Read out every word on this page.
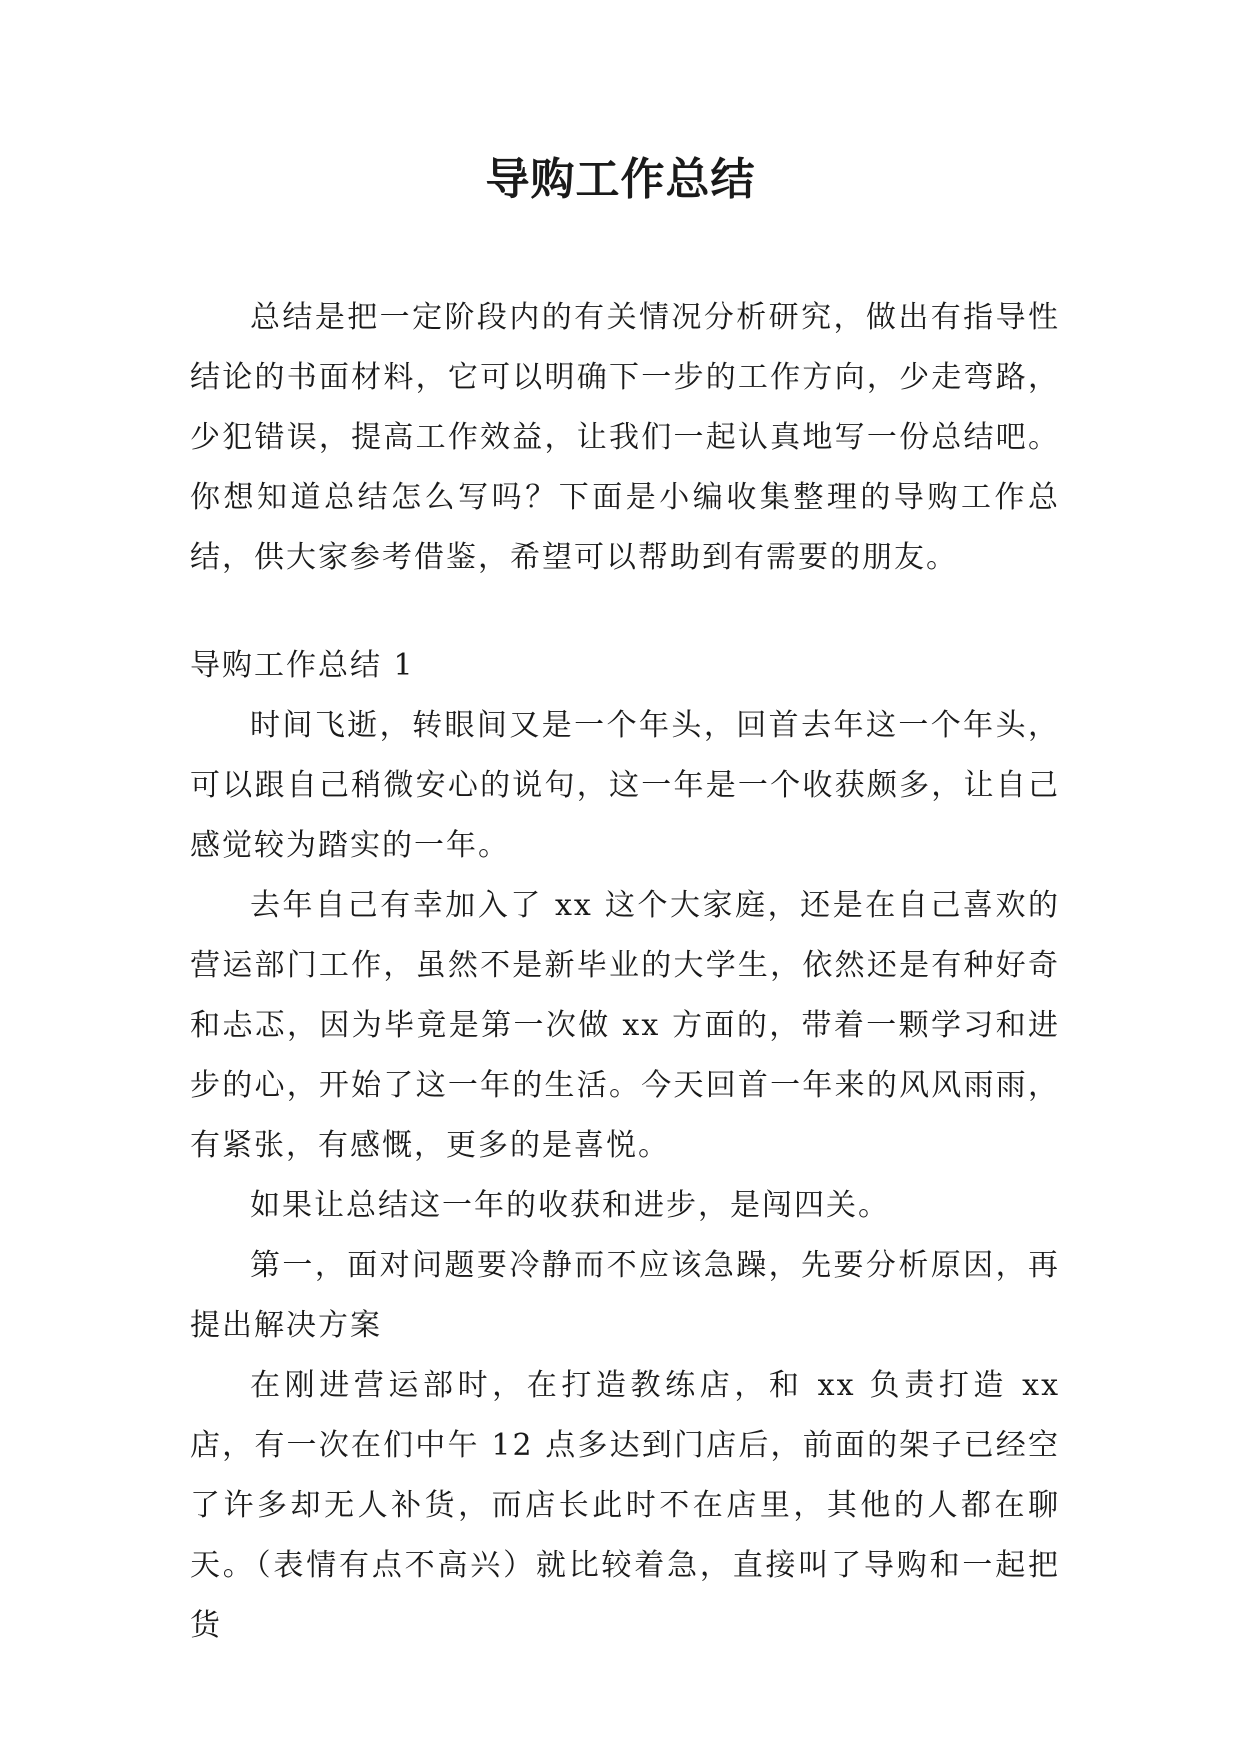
导购工作总结

总结是把一定阶段内的有关情况分析研究，做出有指导性结论的书面材料，它可以明确下一步的工作方向，少走弯路，少犯错误，提高工作效益，让我们一起认真地写一份总结吧。你想知道总结怎么写吗？下面是小编收集整理的导购工作总结，供大家参考借鉴，希望可以帮助到有需要的朋友。

导购工作总结 1

时间飞逝，转眼间又是一个年头，回首去年这一个年头，可以跟自己稍微安心的说句，这一年是一个收获颇多，让自己感觉较为踏实的一年。

去年自己有幸加入了 xx 这个大家庭，还是在自己喜欢的营运部门工作，虽然不是新毕业的大学生，依然还是有种好奇和忐忑，因为毕竟是第一次做 xx 方面的，带着一颗学习和进步的心，开始了这一年的生活。今天回首一年来的风风雨雨，有紧张，有感慨，更多的是喜悦。

如果让总结这一年的收获和进步，是闯四关。

第一，面对问题要冷静而不应该急躁，先要分析原因，再提出解决方案

在刚进营运部时，在打造教练店，和 xx 负责打造 xx 店，有一次在们中午 12 点多达到门店后，前面的架子已经空了许多却无人补货，而店长此时不在店里，其他的人都在聊天。（表情有点不高兴）就比较着急，直接叫了导购和一起把货
